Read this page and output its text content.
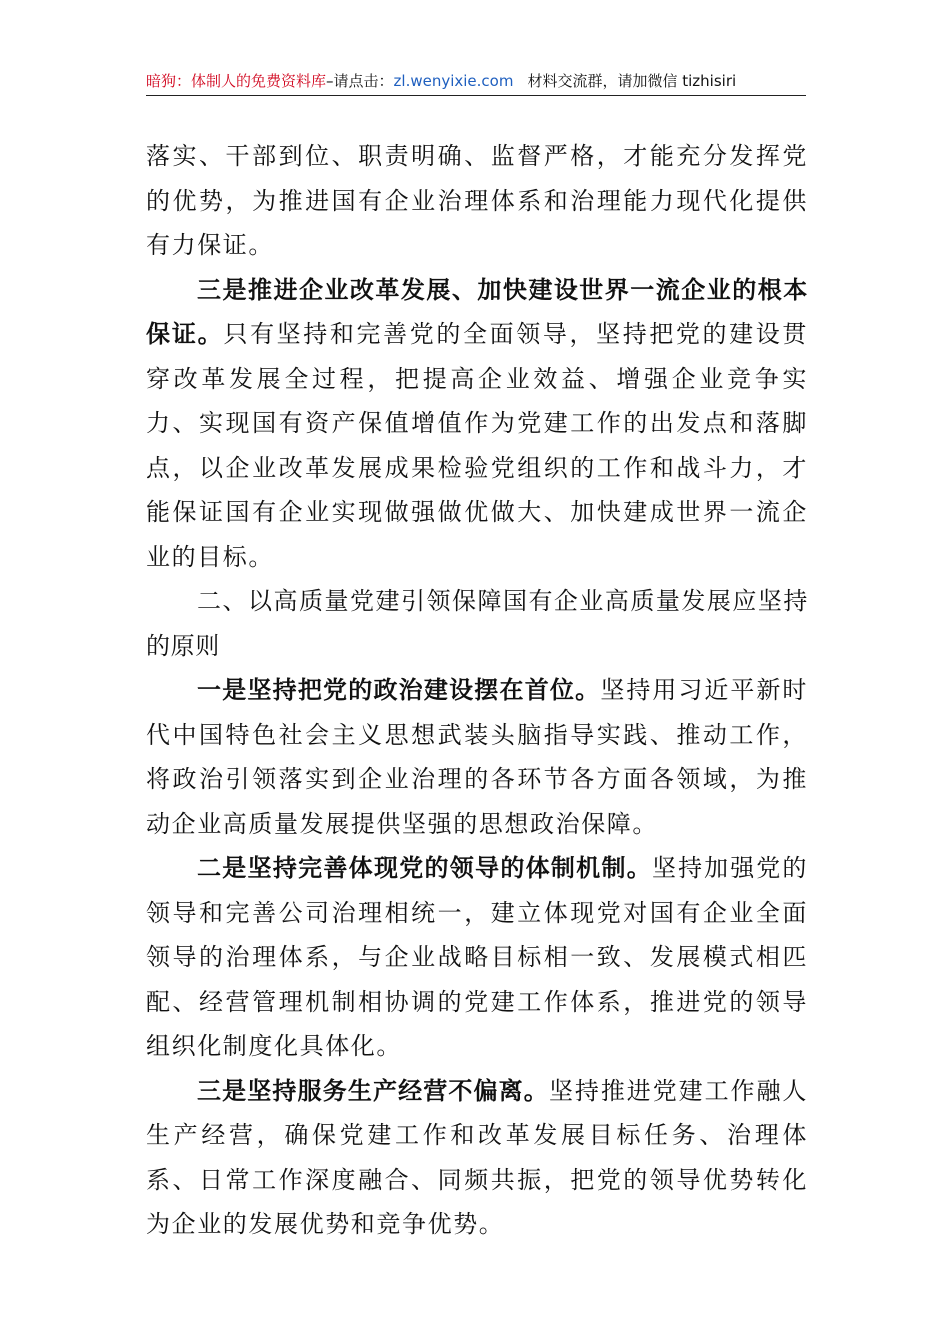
暗狗：体制人的免费资料库–请点击：zl.wenyixie.com 材料交流群，请加微信 tizhisiri

落实、干部到位、职责明确、监督严格，才能充分发挥党的优势，为推进国有企业治理体系和治理能力现代化提供有力保证。

三是推进企业改革发展、加快建设世界一流企业的根本保证。只有坚持和完善党的全面领导，坚持把党的建设贯穿改革发展全过程，把提高企业效益、增强企业竞争实力、实现国有资产保值增值作为党建工作的出发点和落脚点，以企业改革发展成果检验党组织的工作和战斗力，才能保证国有企业实现做强做优做大、加快建成世界一流企业的目标。

二、以高质量党建引领保障国有企业高质量发展应坚持的原则

一是坚持把党的政治建设摆在首位。坚持用习近平新时代中国特色社会主义思想武装头脑指导实践、推动工作，将政治引领落实到企业治理的各环节各方面各领域，为推动企业高质量发展提供坚强的思想政治保障。

二是坚持完善体现党的领导的体制机制。坚持加强党的领导和完善公司治理相统一，建立体现党对国有企业全面领导的治理体系，与企业战略目标相一致、发展模式相匹配、经营管理机制相协调的党建工作体系，推进党的领导组织化制度化具体化。

三是坚持服务生产经营不偏离。坚持推进党建工作融人生产经营，确保党建工作和改革发展目标任务、治理体系、日常工作深度融合、同频共振，把党的领导优势转化为企业的发展优势和竞争优势。
